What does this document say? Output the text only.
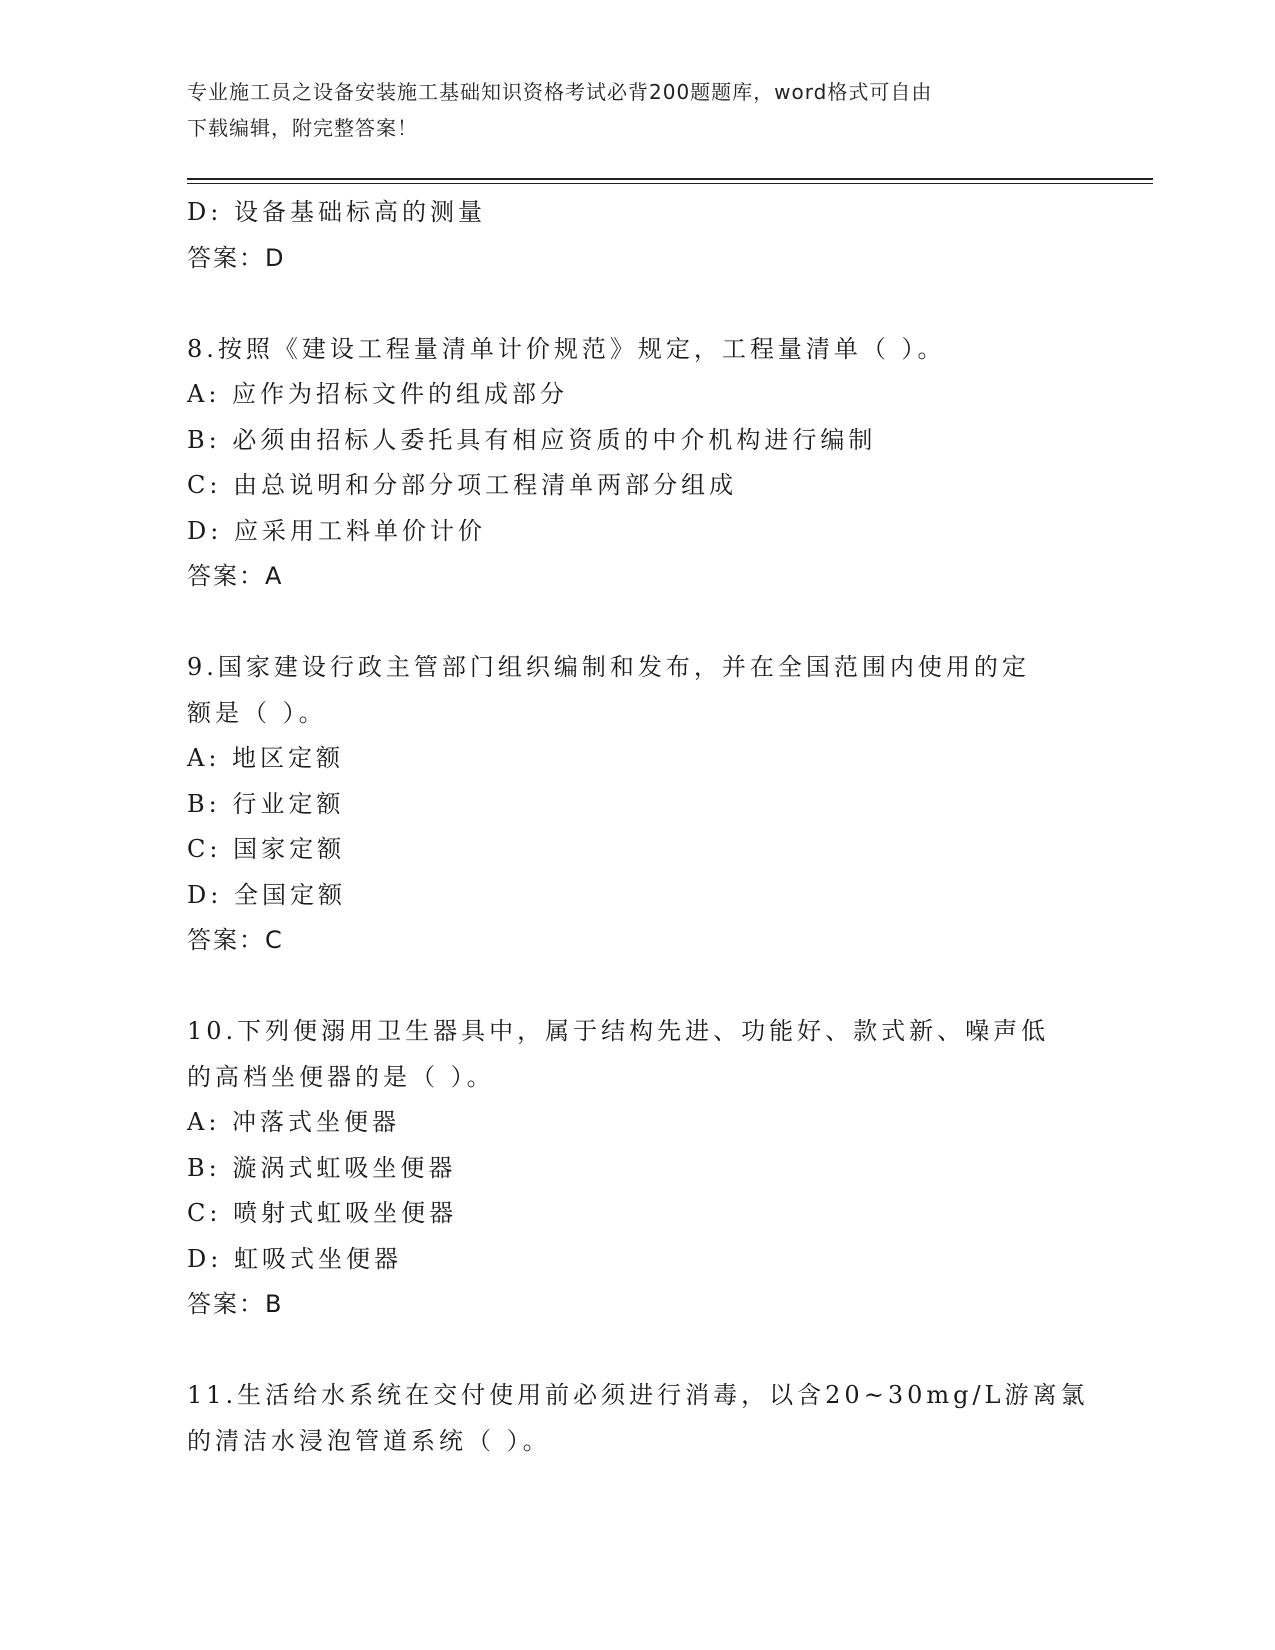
专业施工员之设备安装施工基础知识资格考试必背200题题库，word格式可自由
下载编辑，附完整答案！
D: 设备基础标高的测量
答案：D
8.按照《建设工程量清单计价规范》规定，工程量清单（ ）。
A: 应作为招标文件的组成部分
B: 必须由招标人委托具有相应资质的中介机构进行编制
C: 由总说明和分部分项工程清单两部分组成
D: 应采用工料单价计价
答案：A
9.国家建设行政主管部门组织编制和发布，并在全国范围内使用的定
额是（ ）。
A: 地区定额
B: 行业定额
C: 国家定额
D: 全国定额
答案：C
10.下列便溺用卫生器具中，属于结构先进、功能好、款式新、噪声低
的高档坐便器的是（ ）。
A: 冲落式坐便器
B: 漩涡式虹吸坐便器
C: 喷射式虹吸坐便器
D: 虹吸式坐便器
答案：B
11.生活给水系统在交付使用前必须进行消毒，以含20~30mg/L游离氯
的清洁水浸泡管道系统（ ）。
